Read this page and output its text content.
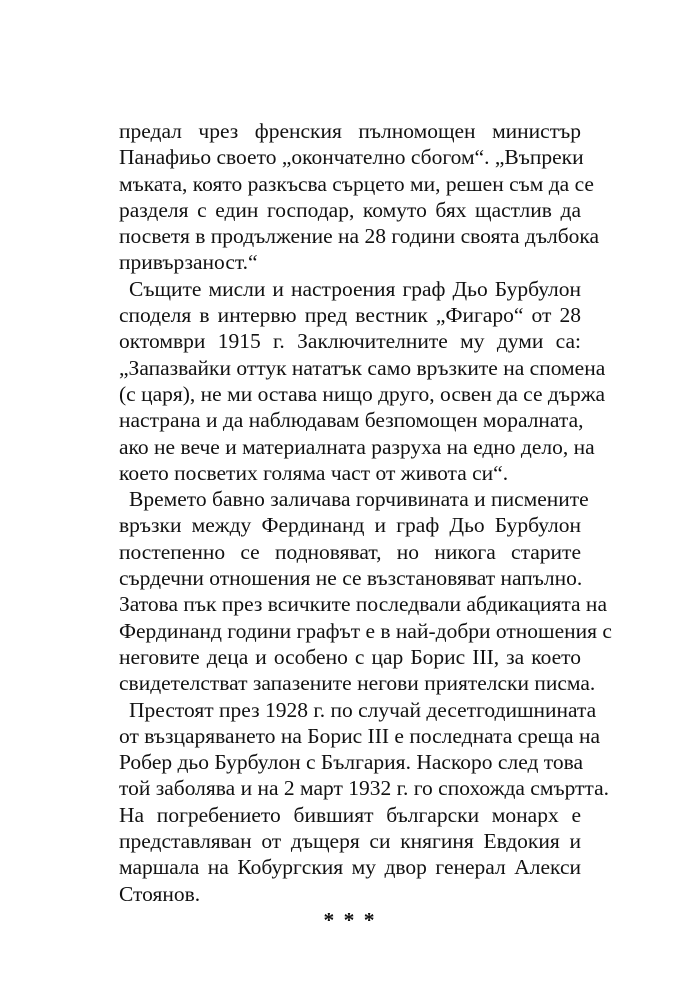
предал чрез френския пълномощен министър
Панафиьо своето „окончателно сбогом“. „Въпреки
мъката, която разкъсва сърцето ми, решен съм да се
разделя с един господар, комуто бях щастлив да
посветя в продължение на 28 години своята дълбока
привързаност.“
Същите мисли и настроения граф Дьо Бурбулон
споделя в интервю пред вестник „Фигаро“ от 28
октомври 1915 г. Заключителните му думи са:
„Запазвайки оттук нататък само връзките на спомена
(с царя), не ми остава нищо друго, освен да се държа
настрана и да наблюдавам безпомощен моралната,
ако не вече и материалната разруха на едно дело, на
което посветих голяма част от живота си“.
Времето бавно заличава горчивината и писмените
връзки между Фердинанд и граф Дьо Бурбулон
постепенно се подновяват, но никога старите
сърдечни отношения не се възстановяват напълно.
Затова пък през всичките последвали абдикацията на
Фердинанд години графът е в най-добри отношения с
неговите деца и особено с цар Борис III, за което
свидетелстват запазените негови приятелски писма.
Престоят през 1928 г. по случай десетгодишнината
от възцаряването на Борис III е последната среща на
Робер дьо Бурбулон с България. Наскоро след това
той заболява и на 2 март 1932 г. го спохожда смъртта.
На погребението бившият български монарх е
представляван от дъщеря си княгиня Евдокия и
маршала на Кобургския му двор генерал Алекси
Стоянов.
* * *
